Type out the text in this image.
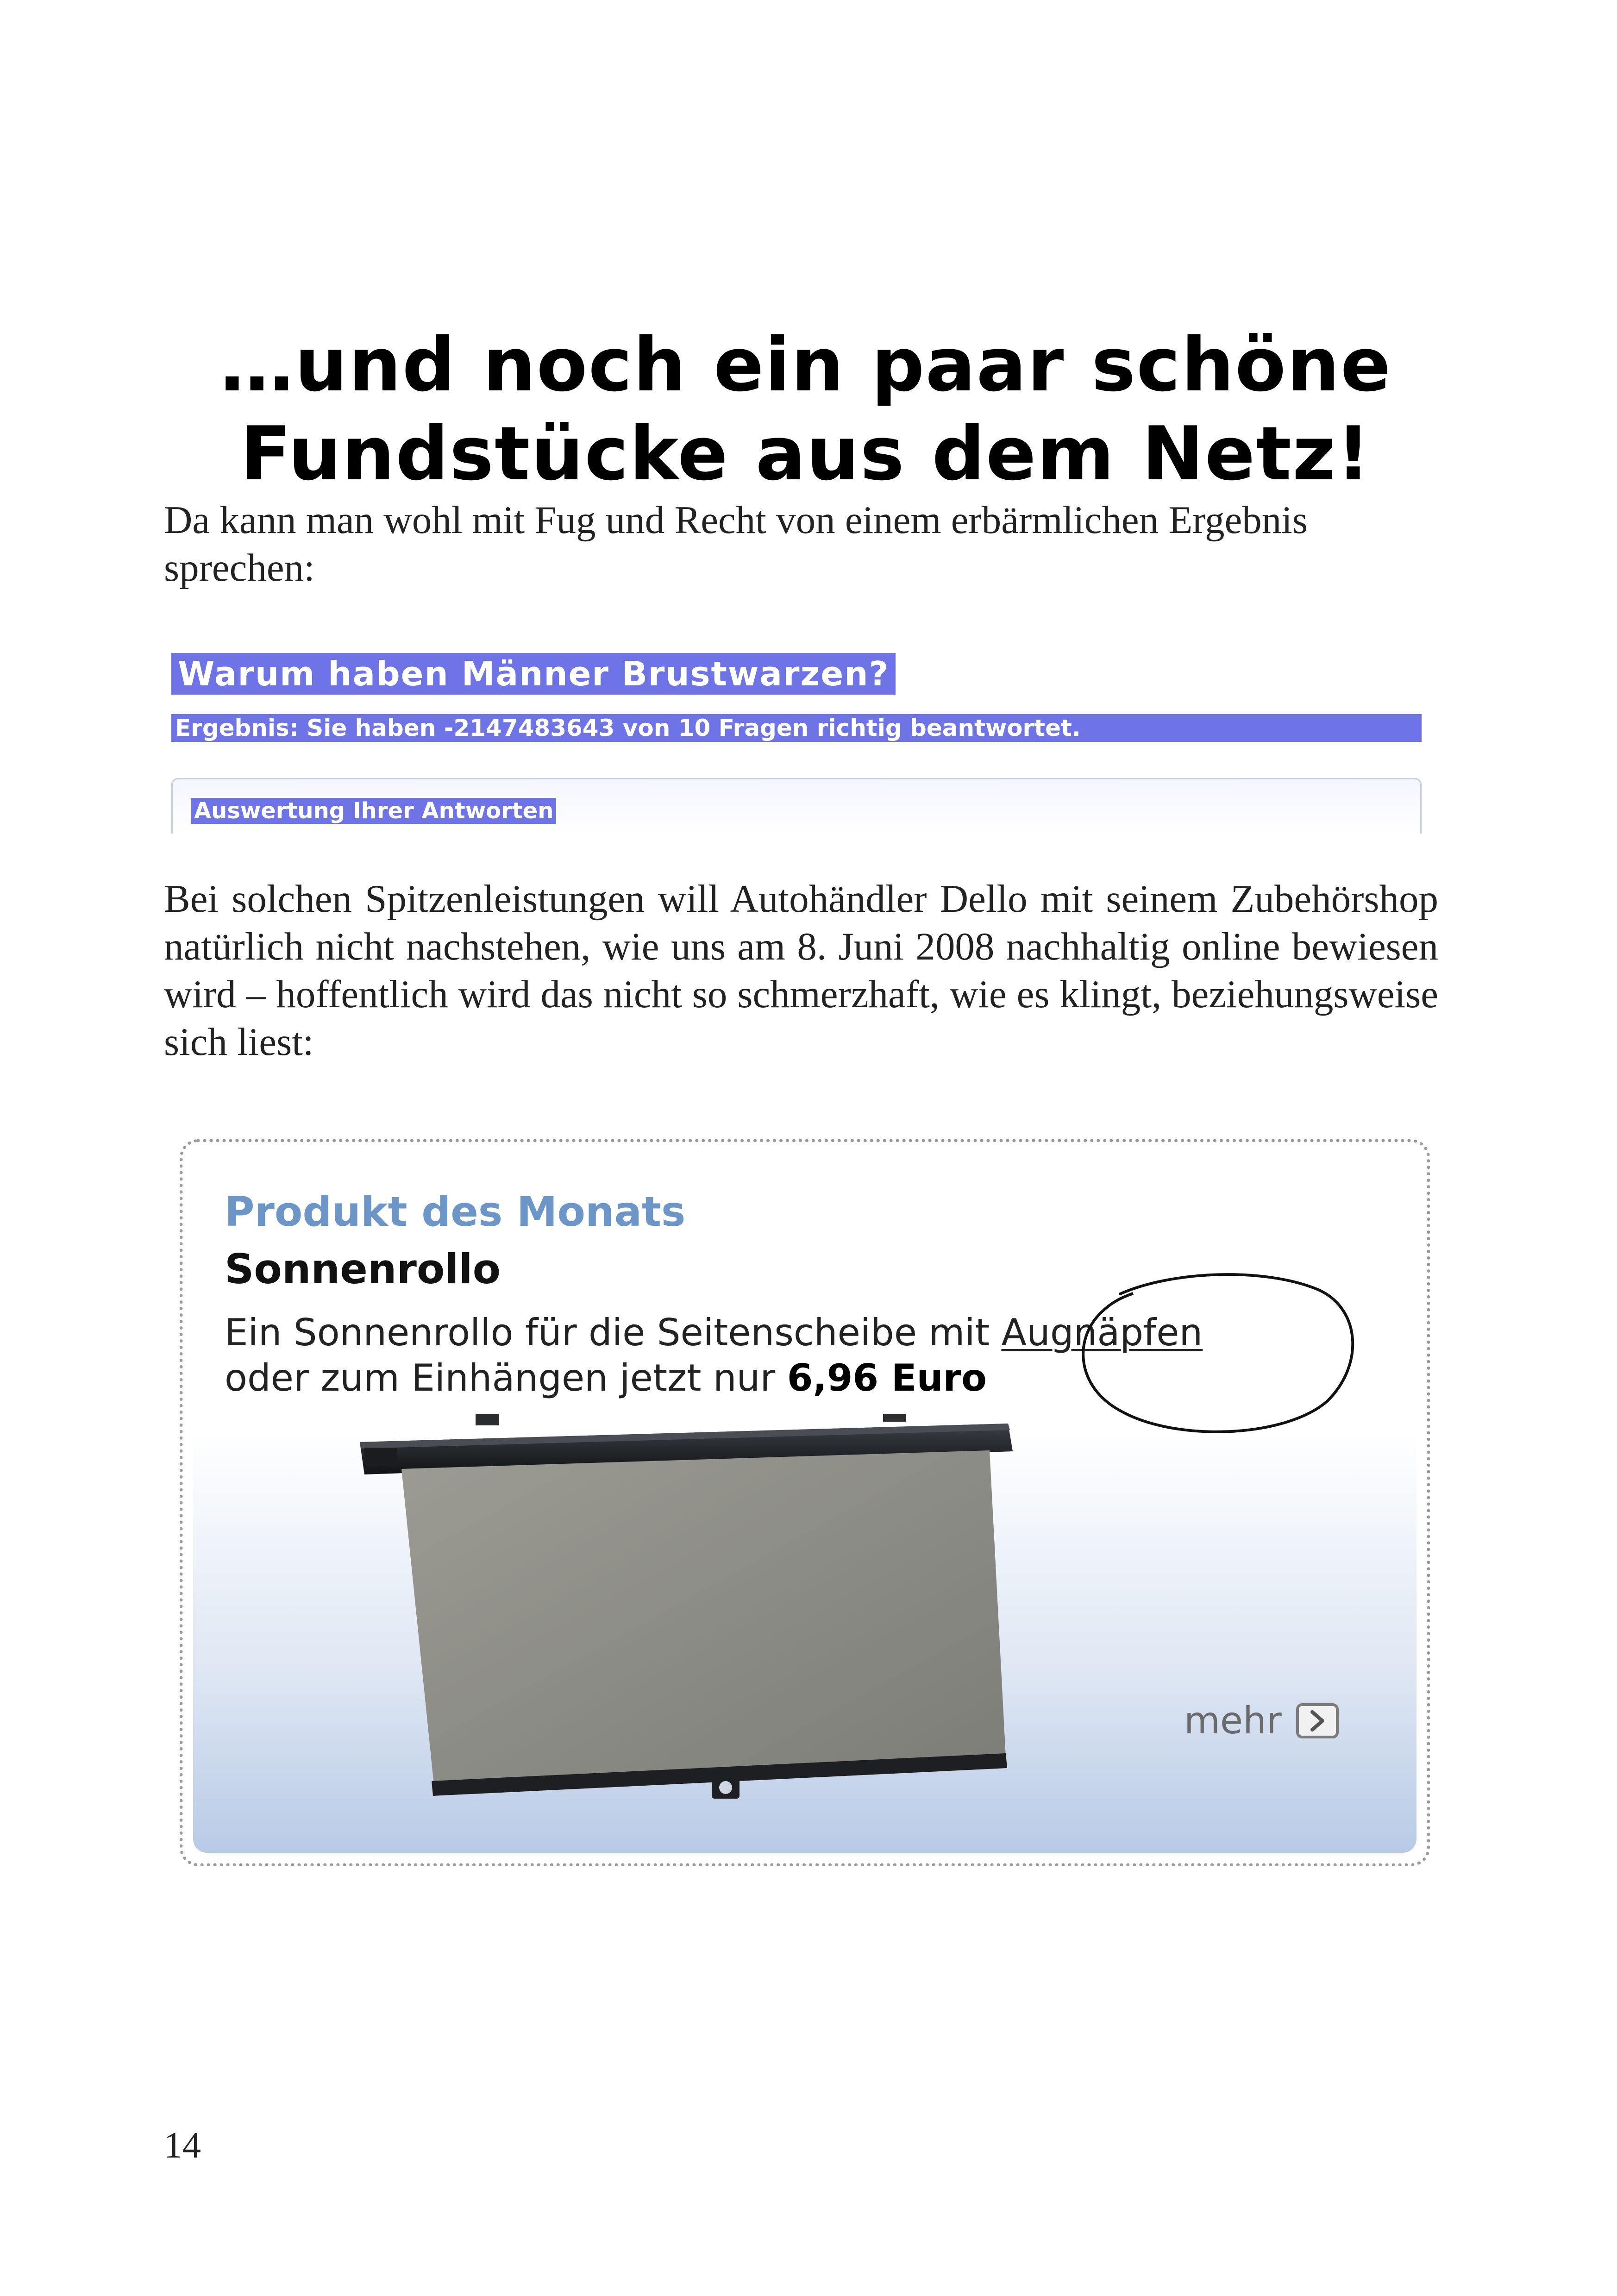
…und noch ein paar schöne
Fundstücke aus dem Netz!

Da kann man wohl mit Fug und Recht von einem erbärmlichen Ergebnis sprechen:

Warum haben Männer Brustwarzen?
Ergebnis: Sie haben -2147483643 von 10 Fragen richtig beantwortet.
Auswertung Ihrer Antworten

Bei solchen Spitzenleistungen will Autohändler Dello mit seinem Zubehörshop natürlich nicht nachstehen, wie uns am 8. Juni 2008 nachhaltig online bewiesen wird – hoffentlich wird das nicht so schmerzhaft, wie es klingt, beziehungsweise sich liest:

Produkt des Monats
Sonnenrollo
Ein Sonnenrollo für die Seitenscheibe mit Augnäpfen
oder zum Einhängen jetzt nur 6,96 Euro
mehr
14
